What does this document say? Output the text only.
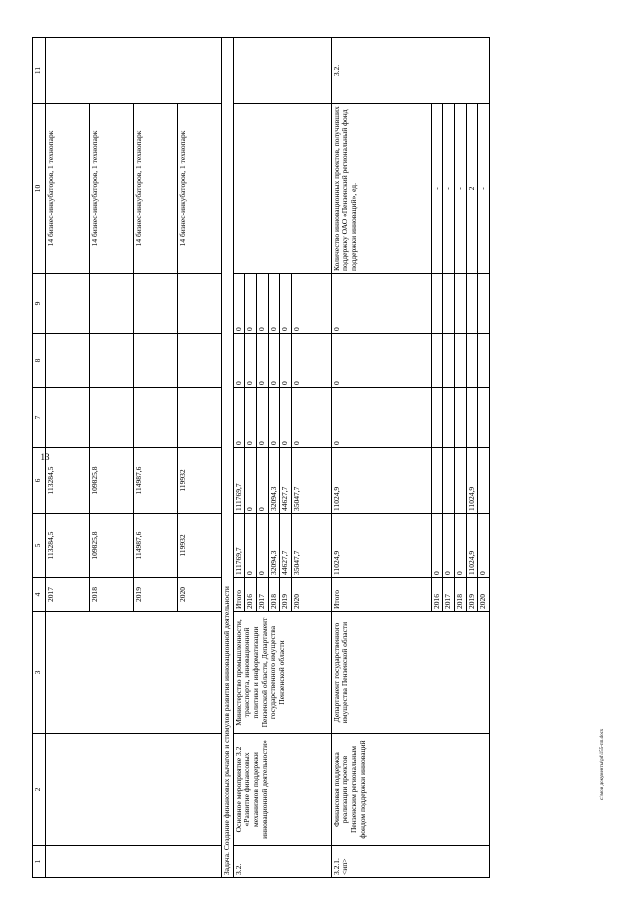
13
c:\мои документы\рd\155-пп.docx
1	2	3	4	5	6	7	8	9	10	11
			2017	113284,5	113284,5				14 бизнес-инкубаторов, 1 технопарк	
			2018	109825,8	109825,8				14 бизнес-инкубаторов, 1 технопарк	
			2019	114987,6	114987,6				14 бизнес-инкубаторов, 1 технопарк	
			2020	119932	119932				14 бизнес-инкубаторов, 1 технопарк	
Задача. Создание финансовых рычагов и стимулов развития инновационной деятельности										
3.2.	Основное мероприятие 3.2 «Развитие финансовых механизмов поддержки инновационной деятельности»	Министерство промышленности, транспорта, инновационной политики и информатизации Пензенской области, Департамент государственного имущества Пензенской области	Итого	111769,7	111769,7	0	0	0		
			2016	0	0	0	0	0		
			2017	0	0	0	0	0		
			2018	32094,3	32094,3	0	0	0		
			2019	44627,7	44627,7	0	0	0		
			2020	35047,7	35047,7	0	0	0		
3.2.1. <ип>	Финансовая поддержка реализации проектов Пензенским региональным фондом поддержки инноваций	Департамент государственного имущества Пензенской области	Итого	11024,9	11024,9	0	0	0	Количество инновационных проектов, получивших поддержку ОАО «Пензенский региональный фонд поддержки инноваций», ед.	3.2.
			2016	0					-	
			2017	0					-	
			2018	0					-	
			2019	11024,9	11024,9				2	
			2020	0					-	
